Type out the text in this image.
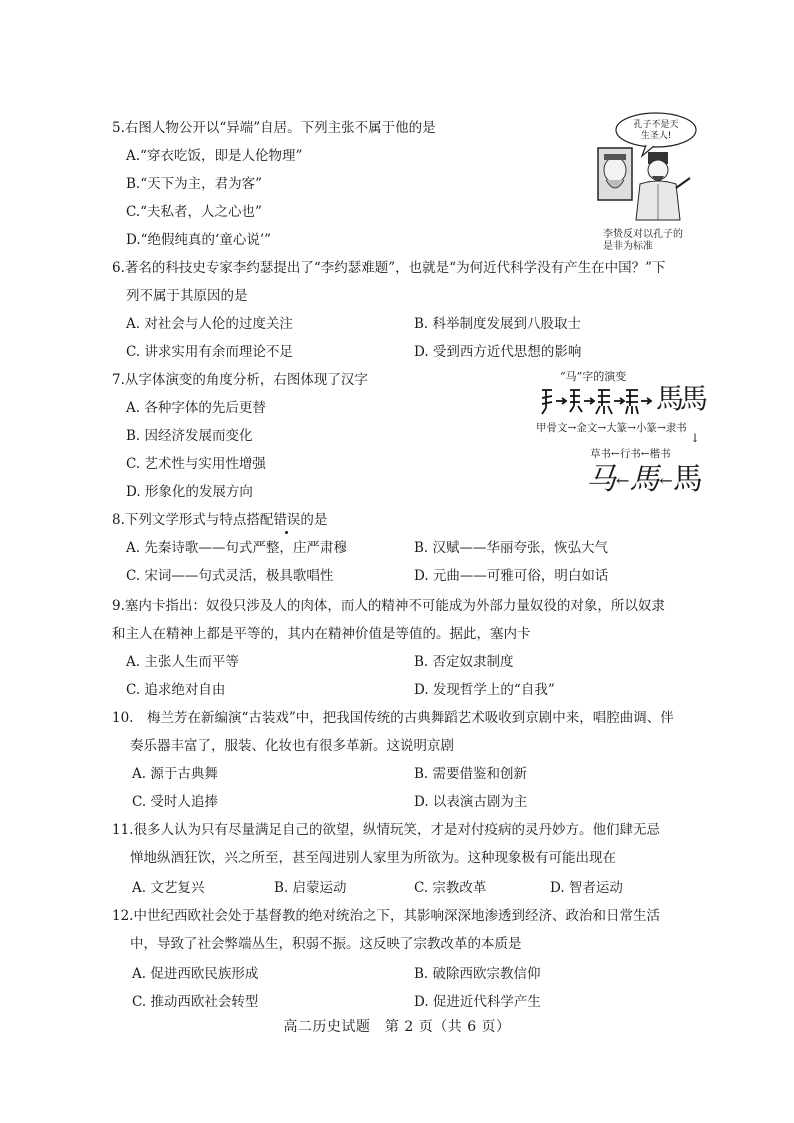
5.右图人物公开以“异端”自居。下列主张不属于他的是
A.“穿衣吃饭，即是人伦物理”
B.“天下为主，君为客”
C.“夫私者，人之心也”
D.“绝假纯真的‘童心说’”
孔子不是天
生圣人!
李贽反对以孔子的
是非为标准
6.著名的科技史专家李约瑟提出了“李约瑟难题”，也就是“为何近代科学没有产生在中国？”下
列不属于其原因的是
A. 对社会与人伦的过度关注	B. 科举制度发展到八股取士
C. 讲求实用有余而理论不足	D. 受到西方近代思想的影响
7.从字体演变的角度分析，右图体现了汉字
A. 各种字体的先后更替
B. 因经济发展而变化
C. 艺术性与实用性增强
D. 形象化的发展方向
“马”字的演变
馬
馬
甲骨文→金文→大篆→小篆→隶书
↓
草书←行书←楷书
马←馬←馬
8.下列文学形式与特点搭配错误的是
A. 先秦诗歌——句式严整，庄严肃穆	B. 汉赋——华丽夸张，恢弘大气
C. 宋词——句式灵活，极具歌唱性	D. 元曲——可雅可俗，明白如话
9.塞内卡指出：奴役只涉及人的肉体，而人的精神不可能成为外部力量奴役的对象，所以奴隶
和主人在精神上都是平等的，其内在精神价值是等值的。据此，塞内卡
A. 主张人生而平等	B. 否定奴隶制度
C. 追求绝对自由	D. 发现哲学上的“自我”
10.　梅兰芳在新编演“古装戏”中，把我国传统的古典舞蹈艺术吸收到京剧中来，唱腔曲调、伴
奏乐器丰富了，服装、化妆也有很多革新。这说明京剧
A. 源于古典舞	B. 需要借鉴和创新
C. 受时人追捧	D. 以表演古剧为主
11.很多人认为只有尽量满足自己的欲望，纵情玩笑，才是对付疫病的灵丹妙方。他们肆无忌
惮地纵酒狂饮，兴之所至，甚至闯进别人家里为所欲为。这种现象极有可能出现在
A. 文艺复兴	B. 启蒙运动	C. 宗教改革	D. 智者运动
12.中世纪西欧社会处于基督教的绝对统治之下，其影响深深地渗透到经济、政治和日常生活
中，导致了社会弊端丛生，积弱不振。这反映了宗教改革的本质是
A. 促进西欧民族形成	B. 破除西欧宗教信仰
C. 推动西欧社会转型	D. 促进近代科学产生
高二历史试题　第 2 页（共 6 页）
